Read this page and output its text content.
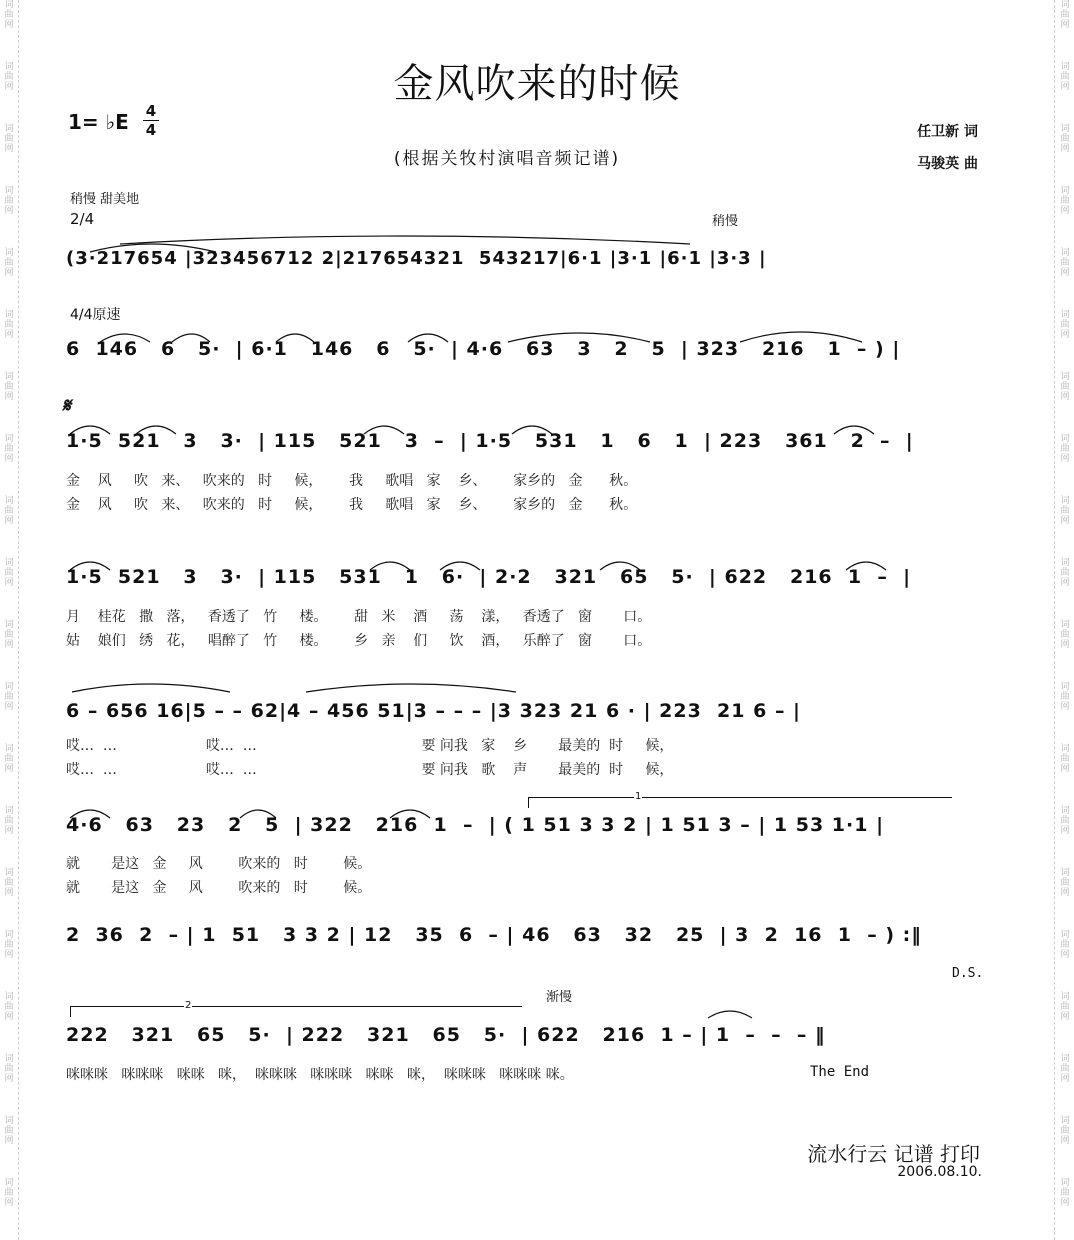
词
曲
网
词
曲
网
词
曲
网
词
曲
网
词
曲
网
词
曲
网
词
曲
网
词
曲
网
词
曲
网
词
曲
网
词
曲
网
词
曲
网
词
曲
网
词
曲
网
词
曲
网
词
曲
网
词
曲
网
词
曲
网
词
曲
网
词
曲
网
词
曲
网
词
曲
网
词
曲
网
词
曲
网
词
曲
网
词
曲
网
词
曲
网
词
曲
网
词
曲
网
词
曲
网
词
曲
网
词
曲
网
词
曲
网
词
曲
网
词
曲
网
词
曲
网
词
曲
网
词
曲
网
词
曲
网
词
曲
网
金风吹来的时候
1= ♭E 4
4
(根据关牧村演唱音频记谱)
任卫新 词
马骏英 曲
稍慢 甜美地
2/4	稍慢
4/4原速
渐慢
𝄋
(3·217654 |323456712 2|217654321  543217|6·1 |3·1 |6·1 |3·3 |
6  146   6   5·  | 6·1   146   6   5·  | 4·6   63   3   2   5  | 323   216   1  – ) |
1·5  521   3   3·  | 115   521   3  –  | 1·5   531   1   6   1  | 223   361   2  –  |
金    风     吹   来、   吹来的   时     候，      我     歌唱   家    乡、      家乡的   金      秋。
金    风     吹   来、   吹来的   时     候，      我     歌唱   家    乡、      家乡的   金      秋。
1·5  521   3   3·  | 115   531   1   6·  | 2·2   321   65   5·  | 622   216  1  –  |
月    桂花   撒   落，   香透了   竹     楼。      甜   米    酒     荡    漾，   香透了   窗       口。
姑    娘们   绣   花，   唱醉了   竹     楼。      乡   亲    们     饮    酒，   乐醉了   窗       口。
6 – 656 16|5 – – 62|4 – 456 51|3 – – – |3 323 21 6 · | 223  21 6 – |
哎…  …                    哎…  …                                     要 问我   家    乡       最美的  时     候，
哎…  …                    哎…  …                                     要 问我   歌    声       最美的  时     候，
4·6   63   23   2   5  | 322   216  1  –  | ( 1 51 3 3 2 | 1 51 3 – | 1 53 1·1 |
就       是这   金     风        吹来的   时        候。
就       是这   金     风        吹来的   时        候。
2  36  2  – | 1  51   3 3 2 | 12   35  6  – | 46   63   32   25  | 3  2  16  1  – ) :‖
D.S.
222   321   65   5·  | 222   321   65   5·  | 622   216  1 – | 1  –  –  – ‖
咪咪咪   咪咪咪   咪咪   咪，  咪咪咪   咪咪咪   咪咪   咪，  咪咪咪   咪咪咪 咪。	The End
1
2
流水行云 记谱 打印
2006.08.10.
